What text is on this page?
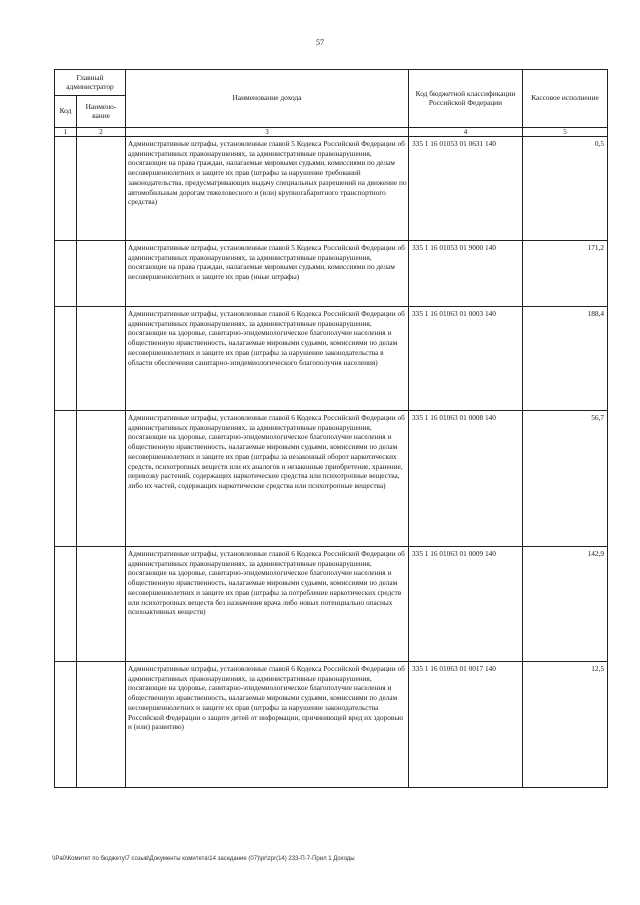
57
Главный администратор		Наименование дохода	Код бюджетной классификации Российской Федерации	Кассовое исполнение
Код	Наимено-вание			
1	2	3	4	5
		Административные штрафы, установленные главой 5 Кодекса Российской Федерации об административных правонарушениях, за административные правонарушения, посягающие на права граждан, налагаемые мировыми судьями, комиссиями по делам несовершеннолетних и защите их прав (штрафы за нарушение требований законодательства, предусматривающих выдачу специальных разрешений на движение по автомобильным дорогам тяжеловесного и (или) крупногабаритного транспортного средства)	335 1 16 01053 01 0631 140	0,5
		Административные штрафы, установленные главой 5 Кодекса Российской Федерации об административных правонарушениях, за административные правонарушения, посягающие на права граждан, налагаемые мировыми судьями, комиссиями по делам несовершеннолетних и защите их прав (иные штрафы)	335 1 16 01053 01 9000 140	171,2
		Административные штрафы, установленные главой 6 Кодекса Российской Федерации об административных правонарушениях, за административные правонарушения, посягающие на здоровье, санитарно-эпидемиологическое благополучие населения и общественную нравственность, налагаемые мировыми судьями, комиссиями по делам несовершеннолетних и защите их прав (штрафы за нарушение законодательства в области обеспечения санитарно-эпидемиологического благополучия населения)	335 1 16 01063 01 0003 140	188,4
		Административные штрафы, установленные главой 6 Кодекса Российской Федерации об административных правонарушениях, за административные правонарушения, посягающие на здоровье, санитарно-эпидемиологическое благополучие населения и общественную нравственность, налагаемые мировыми судьями, комиссиями по делам несовершеннолетних и защите их прав (штрафы за незаконный оборот наркотических средств, психотропных веществ или их аналогов и незаконные приобретение, хранение, перевозку растений, содержащих наркотические средства или психотропные вещества, либо их частей, содержащих наркотические средства или психотропные вещества)	335 1 16 01063 01 0008 140	56,7
		Административные штрафы, установленные главой 6 Кодекса Российской Федерации об административных правонарушениях, за административные правонарушения, посягающие на здоровье, санитарно-эпидемиологическое благополучие населения и общественную нравственность, налагаемые мировыми судьями, комиссиями по делам несовершеннолетних и защите их прав (штрафы за потребление наркотических средств или психотропных веществ без назначения врача либо новых потенциально опасных психоактивных веществ)	335 1 16 01063 01 0009 140	142,9
		Административные штрафы, установленные главой 6 Кодекса Российской Федерации об административных правонарушениях, за административные правонарушения, посягающие на здоровье, санитарно-эпидемиологическое благополучие населения и общественную нравственность, налагаемые мировыми судьями, комиссиями по делам несовершеннолетних и защите их прав (штрафы за нарушение законодательства Российской Федерации о защите детей от информации, причиняющей вред их здоровью и (или) развитию)	335 1 16 01063 01 0017 140	12,5
\\Pa0\Комитет по бюджету\7 созыв\Документы комитета\14 заседание (07)\pr\zpr(14) 233-П-7-Прил 1 Доходы
